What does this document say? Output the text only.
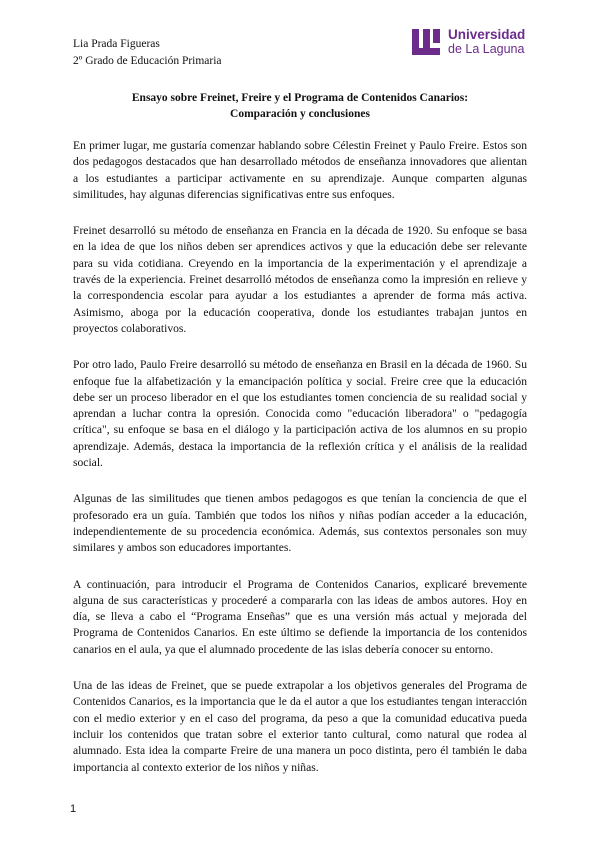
Lia Prada Figueras
2º Grado de Educación Primaria
Universidad
de La Laguna
Ensayo sobre Freinet, Freire y el Programa de Contenidos Canarios:
Comparación y conclusiones

En primer lugar, me gustaría comenzar hablando sobre Célestin Freinet y Paulo Freire. Estos son dos pedagogos destacados que han desarrollado métodos de enseñanza innovadores que alientan a los estudiantes a participar activamente en su aprendizaje. Aunque comparten algunas similitudes, hay algunas diferencias significativas entre sus enfoques.

Freinet desarrolló su método de enseñanza en Francia en la década de 1920. Su enfoque se basa en la idea de que los niños deben ser aprendices activos y que la educación debe ser relevante para su vida cotidiana. Creyendo en la importancia de la experimentación y el aprendizaje a través de la experiencia. Freinet desarrolló métodos de enseñanza como la impresión en relieve y la correspondencia escolar para ayudar a los estudiantes a aprender de forma más activa. Asimismo, aboga por la educación cooperativa, donde los estudiantes trabajan juntos en proyectos colaborativos.

Por otro lado, Paulo Freire desarrolló su método de enseñanza en Brasil en la década de 1960. Su enfoque fue la alfabetización y la emancipación política y social. Freire cree que la educación debe ser un proceso liberador en el que los estudiantes tomen conciencia de su realidad social y aprendan a luchar contra la opresión. Conocida como "educación liberadora" o "pedagogía crítica", su enfoque se basa en el diálogo y la participación activa de los alumnos en su propio aprendizaje. Además, destaca la importancia de la reflexión crítica y el análisis de la realidad social.

Algunas de las similitudes que tienen ambos pedagogos es que tenían la conciencia de que el profesorado era un guía. También que todos los niños y niñas podían acceder a la educación, independientemente de su procedencia económica. Además, sus contextos personales son muy similares y ambos son educadores importantes.

A continuación, para introducir el Programa de Contenidos Canarios, explicaré brevemente alguna de sus características y procederé a compararla con las ideas de ambos autores. Hoy en día, se lleva a cabo el “Programa Enseñas” que es una versión más actual y mejorada del Programa de Contenidos Canarios. En este último se defiende la importancia de los contenidos canarios en el aula, ya que el alumnado procedente de las islas debería conocer su entorno.

Una de las ideas de Freinet, que se puede extrapolar a los objetivos generales del Programa de Contenidos Canarios, es la importancia que le da el autor a que los estudiantes tengan interacción con el medio exterior y en el caso del programa, da peso a que la comunidad educativa pueda incluir los contenidos que tratan sobre el exterior tanto cultural, como natural que rodea al alumnado. Esta idea la comparte Freire de una manera un poco distinta, pero él también le daba importancia al contexto exterior de los niños y niñas.

1
